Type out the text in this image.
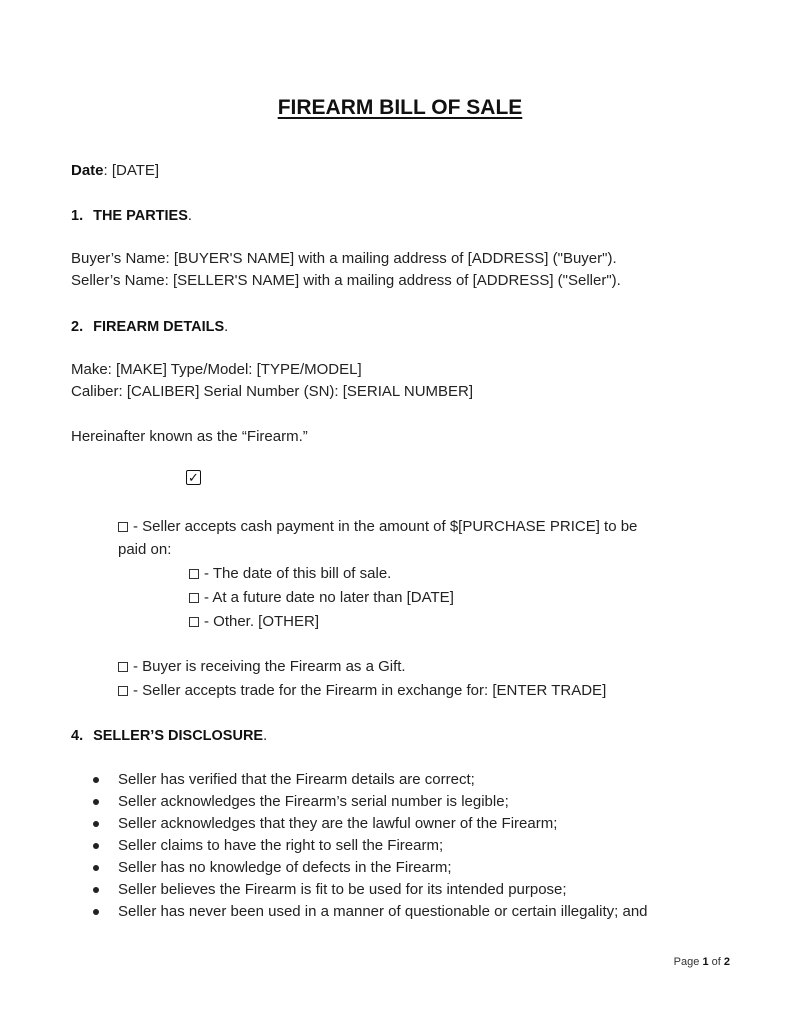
FIREARM BILL OF SALE
Date: [DATE]
1. THE PARTIES.
Buyer’s Name: [BUYER'S NAME] with a mailing address of [ADDRESS] ("Buyer").
Seller’s Name: [SELLER'S NAME] with a mailing address of [ADDRESS] ("Seller").
2. FIREARM DETAILS.
Make: [MAKE] Type/Model: [TYPE/MODEL]
Caliber: [CALIBER] Serial Number (SN): [SERIAL NUMBER]
Hereinafter known as the “Firearm.”
✓
- Seller accepts cash payment in the amount of $[PURCHASE PRICE] to be
paid on:
- The date of this bill of sale.
- At a future date no later than [DATE]
- Other. [OTHER]
- Buyer is receiving the Firearm as a Gift.
- Seller accepts trade for the Firearm in exchange for: [ENTER TRADE]
4. SELLER’S DISCLOSURE.
Seller has verified that the Firearm details are correct;
Seller acknowledges the Firearm’s serial number is legible;
Seller acknowledges that they are the lawful owner of the Firearm;
Seller claims to have the right to sell the Firearm;
Seller has no knowledge of defects in the Firearm;
Seller believes the Firearm is fit to be used for its intended purpose;
Seller has never been used in a manner of questionable or certain illegality; and
Page 1 of 2
